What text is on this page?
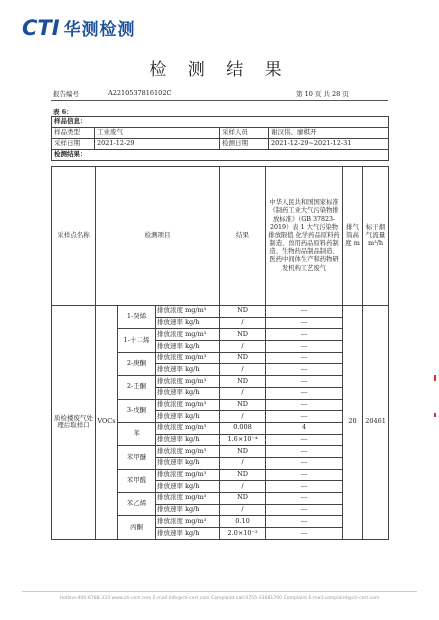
CTI 华测检测
检 测 结 果
报告编号	A2210537816102C	第 10 页 共 28 页
表 6：
样品信息：			
样品类型	工业废气	采样人员	谢汉伟、廖棋开
采样日期	2021-12-29	检测日期	2021-12-29~2021-12-31
检测结果：			
采样点名称	检测项目			结果	中华人民共和国国家标准《制药工业大气污染物排放标准》（GB 37823-2019）表 1 大气污染物排放限值 化学药品原料药制造、兽用药品原料药制造、生物药品制品制造、医药中间体生产和药物研发机构工艺废气	排气筒高度 m	标干烟气流量 m³/h
质检楼废气处理后取样口	VOCs	1-癸烯	排放浓度 mg/m³	ND	---	20	20461
			排放速率 kg/h	/	---		
		1-十二烯	排放浓度 mg/m³	ND	---		
			排放速率 kg/h	/	---		
		2-庚酮	排放浓度 mg/m³	ND	---		
			排放速率 kg/h	/	---		
		2-壬酮	排放浓度 mg/m³	ND	---		
			排放速率 kg/h	/	---		
		3-戊酮	排放浓度 mg/m³	ND	---		
			排放速率 kg/h	/	---		
		苯	排放浓度 mg/m³	0.008	4		
			排放速率 kg/h	1.6×10⁻⁴	---		
		苯甲醚	排放浓度 mg/m³	ND	---		
			排放速率 kg/h	/	---		
		苯甲醛	排放浓度 mg/m³	ND	---		
			排放速率 kg/h	/	---		
		苯乙烯	排放浓度 mg/m³	ND	---		
			排放速率 kg/h	/	---		
		丙酮	排放浓度 mg/m³	0.10	---		
			排放速率 kg/h	2.0×10⁻³	---		
Hotline:400-6788-333 www.cti-cert.com E-mail:info@cti-cert.com Complaint call:0755-33681700 Complaint E-mail:complaint@cti-cert.com
